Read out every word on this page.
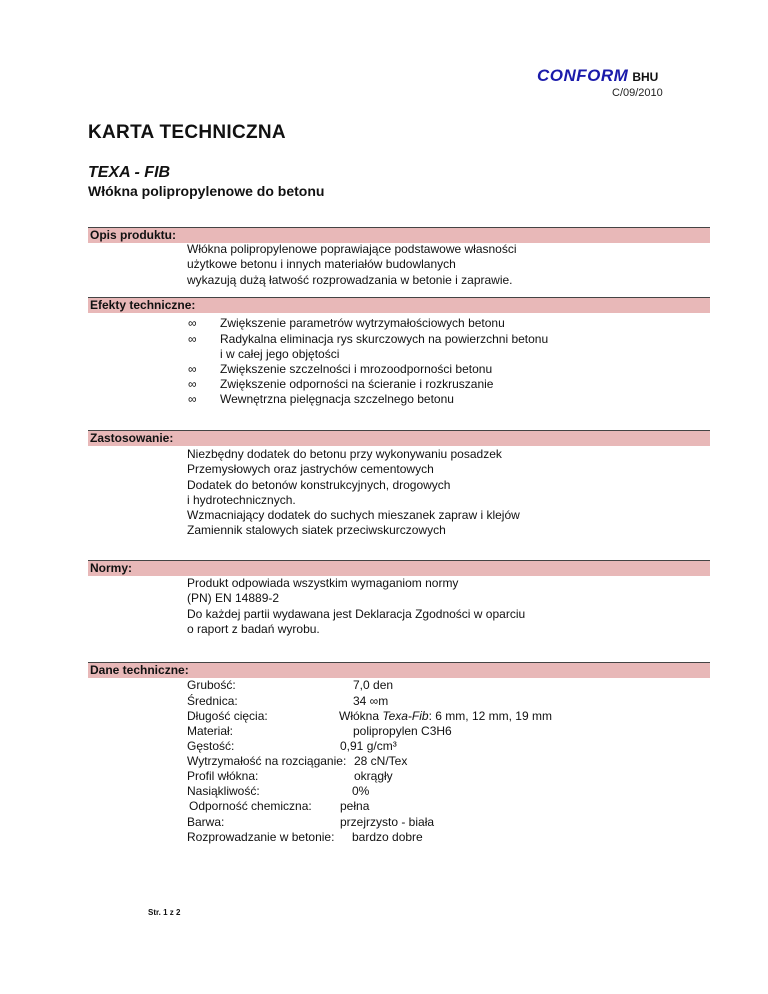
CONFORM BHU
C/09/2010
KARTA TECHNICZNA
TEXA - FIB
Włókna polipropylenowe do betonu
Opis produktu:
Włókna polipropylenowe poprawiające podstawowe własności
użytkowe betonu i innych materiałów budowlanych
wykazują dużą łatwość rozprowadzania w betonie i zaprawie.
Efekty techniczne:
∞ Zwiększenie parametrów wytrzymałościowych betonu
∞ Radykalna eliminacja rys skurczowych na powierzchni betonu
i w całej jego objętości
∞ Zwiększenie szczelności i mrozoodporności betonu
∞ Zwiększenie odporności na ścieranie i rozkruszanie
∞ Wewnętrzna pielęgnacja szczelnego betonu
Zastosowanie:
Niezbędny dodatek do betonu przy wykonywaniu posadzek
Przemysłowych oraz jastrychów cementowych
Dodatek do betonów konstrukcyjnych, drogowych
i hydrotechnicznych.
Wzmacniający dodatek do suchych mieszanek zapraw i klejów
Zamiennik stalowych siatek przeciwskurczowych
Normy:
Produkt odpowiada wszystkim wymaganiom normy
(PN) EN 14889-2
Do każdej partii wydawana jest Deklaracja Zgodności w oparciu
o raport z badań wyrobu.
Dane techniczne:
Grubość:	7,0 den
Średnica:	34 ∞m
Długość cięcia:	Włókna Texa-Fib: 6 mm, 12 mm, 19 mm
Materiał:	polipropylen C3H6
Gęstość:	0,91 g/cm³
Wytrzymałość na rozciąganie: 28 cN/Tex
Profil włókna:	okrągły
Nasiąkliwość:	0%
Odporność chemiczna: pełna
Barwa:	przejrzysto - biała
Rozprowadzanie w betonie: bardzo dobre
Str. 1 z 2
